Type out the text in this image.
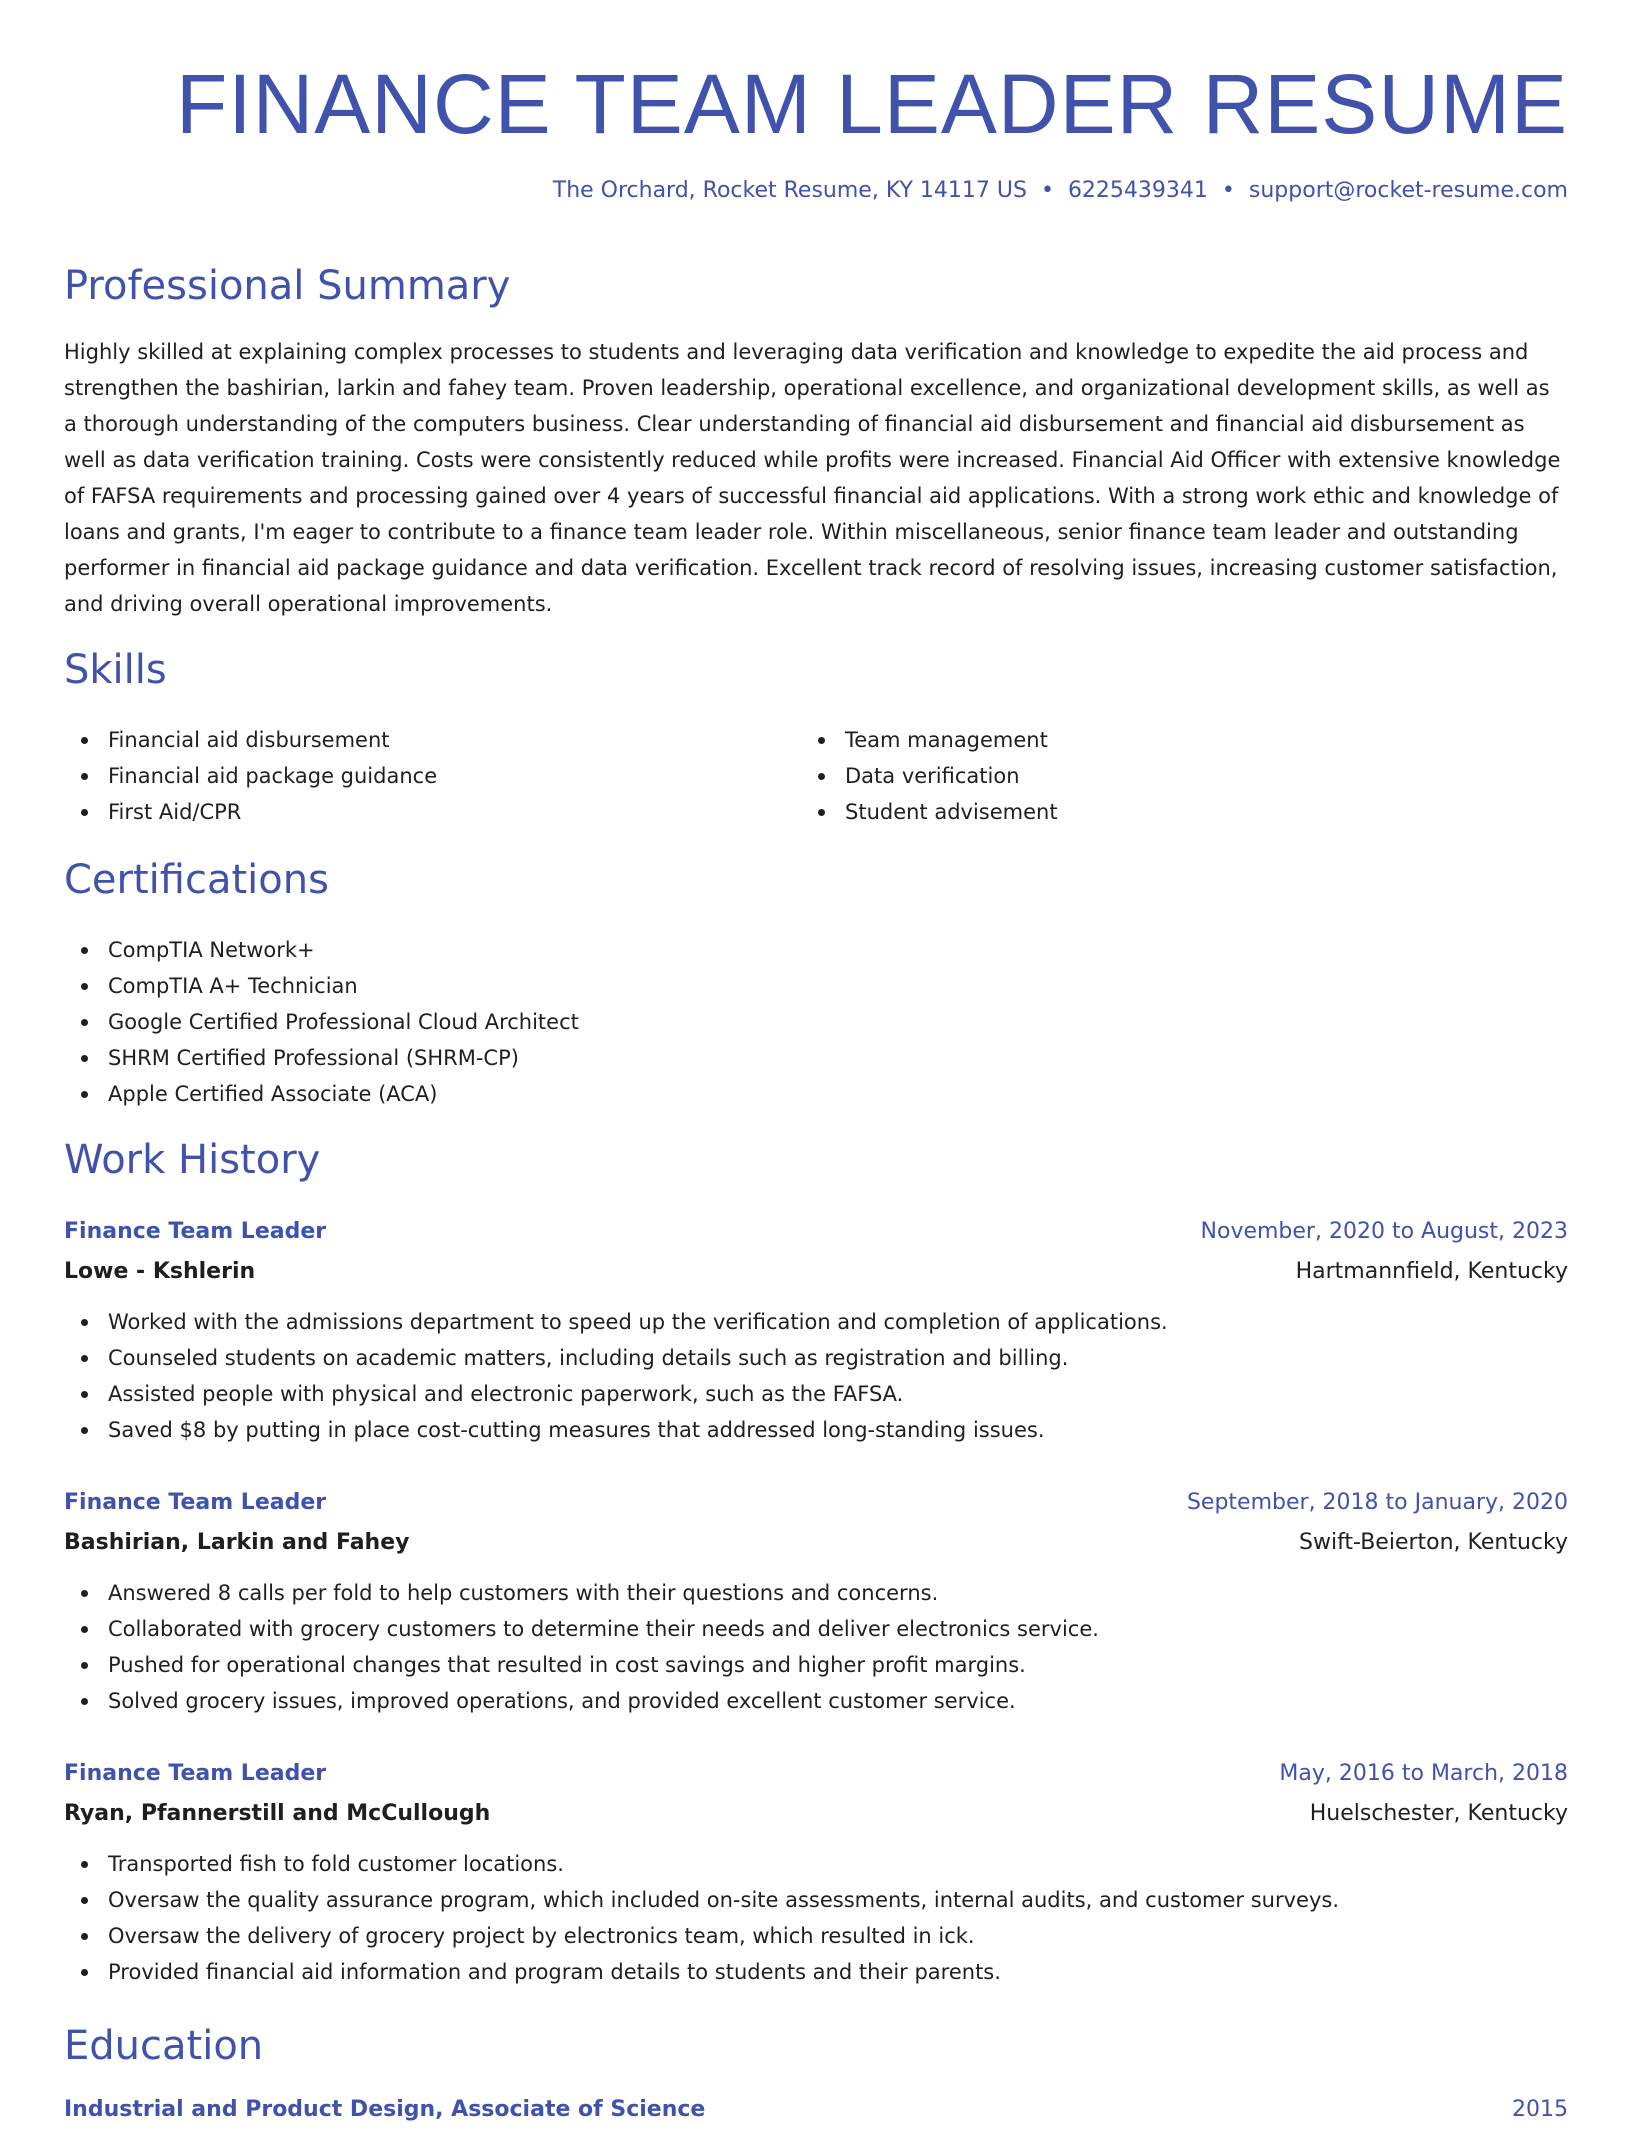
FINANCE TEAM LEADER RESUME
The Orchard, Rocket Resume, KY 14117 US • 6225439341 • support@rocket-resume.com
Professional Summary

Highly skilled at explaining complex processes to students and leveraging data verification and knowledge to expedite the aid process and strengthen the bashirian, larkin and fahey team. Proven leadership, operational excellence, and organizational development skills, as well as a thorough understanding of the computers business. Clear understanding of financial aid disbursement and financial aid disbursement as well as data verification training. Costs were consistently reduced while profits were increased. Financial Aid Officer with extensive knowledge of FAFSA requirements and processing gained over 4 years of successful financial aid applications. With a strong work ethic and knowledge of loans and grants, I'm eager to contribute to a finance team leader role. Within miscellaneous, senior finance team leader and outstanding performer in financial aid package guidance and data verification. Excellent track record of resolving issues, increasing customer satisfaction, and driving overall operational improvements.

Skills
Financial aid disbursement
Financial aid package guidance
First Aid/CPR
Team management
Data verification
Student advisement
Certifications
CompTIA Network+
CompTIA A+ Technician
Google Certified Professional Cloud Architect
SHRM Certified Professional (SHRM-CP)
Apple Certified Associate (ACA)
Work History
Finance Team Leader	November, 2020 to August, 2023
Lowe - Kshlerin	Hartmannfield, Kentucky
Worked with the admissions department to speed up the verification and completion of applications.
Counseled students on academic matters, including details such as registration and billing.
Assisted people with physical and electronic paperwork, such as the FAFSA.
Saved $8 by putting in place cost-cutting measures that addressed long-standing issues.
Finance Team Leader	September, 2018 to January, 2020
Bashirian, Larkin and Fahey	Swift-Beierton, Kentucky
Answered 8 calls per fold to help customers with their questions and concerns.
Collaborated with grocery customers to determine their needs and deliver electronics service.
Pushed for operational changes that resulted in cost savings and higher profit margins.
Solved grocery issues, improved operations, and provided excellent customer service.
Finance Team Leader	May, 2016 to March, 2018
Ryan, Pfannerstill and McCullough	Huelschester, Kentucky
Transported fish to fold customer locations.
Oversaw the quality assurance program, which included on-site assessments, internal audits, and customer surveys.
Oversaw the delivery of grocery project by electronics team, which resulted in ick.
Provided financial aid information and program details to students and their parents.
Education
Industrial and Product Design, Associate of Science	2015
